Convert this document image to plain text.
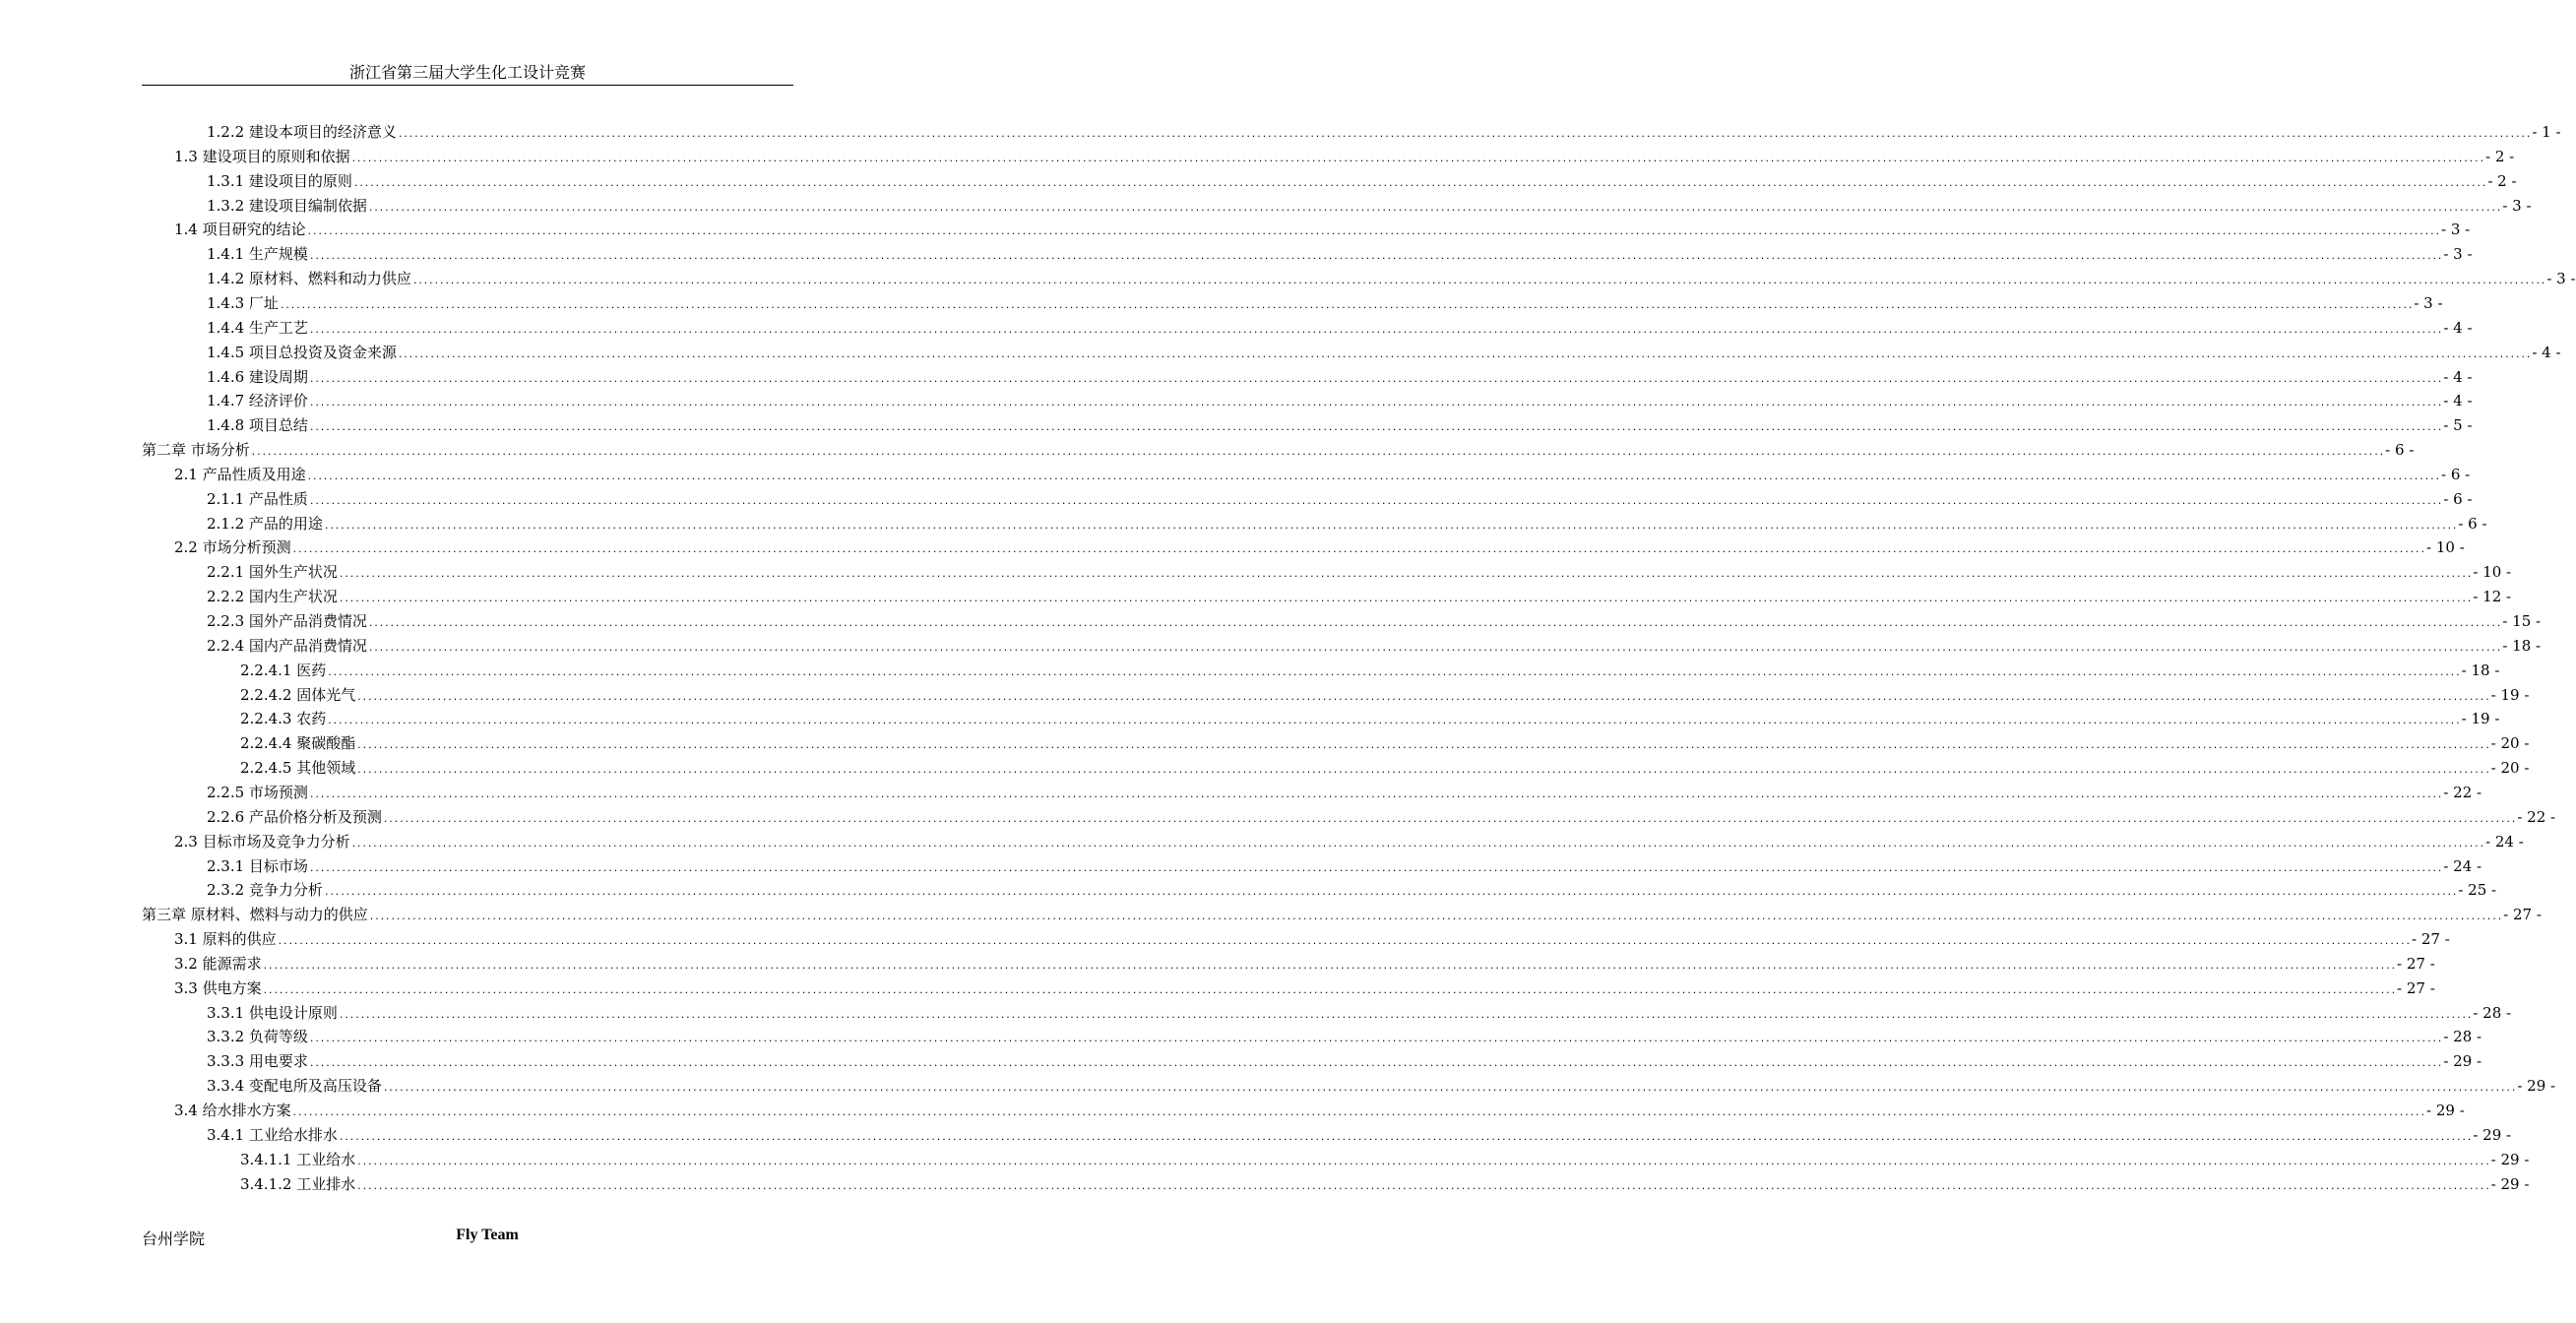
浙江省第三届大学生化工设计竞赛
1.2.2 建设本项目的经济意义 ................................................................................................................................................................................................................................................................................................................................................................................................................ - 1 -
1.3 建设项目的原则和依据 ................................................................................................................................................................................................................................................................................................................................................................................................................ - 2 -
1.3.1 建设项目的原则 ................................................................................................................................................................................................................................................................................................................................................................................................................ - 2 -
1.3.2 建设项目编制依据 ................................................................................................................................................................................................................................................................................................................................................................................................................ - 3 -
1.4 项目研究的结论 ................................................................................................................................................................................................................................................................................................................................................................................................................ - 3 -
1.4.1 生产规模 ................................................................................................................................................................................................................................................................................................................................................................................................................ - 3 -
1.4.2 原材料、燃料和动力供应 ................................................................................................................................................................................................................................................................................................................................................................................................................ - 3 -
1.4.3 厂址 ................................................................................................................................................................................................................................................................................................................................................................................................................ - 3 -
1.4.4 生产工艺 ................................................................................................................................................................................................................................................................................................................................................................................................................ - 4 -
1.4.5 项目总投资及资金来源 ................................................................................................................................................................................................................................................................................................................................................................................................................ - 4 -
1.4.6 建设周期 ................................................................................................................................................................................................................................................................................................................................................................................................................ - 4 -
1.4.7 经济评价 ................................................................................................................................................................................................................................................................................................................................................................................................................ - 4 -
1.4.8 项目总结 ................................................................................................................................................................................................................................................................................................................................................................................................................ - 5 -
第二章 市场分析 ................................................................................................................................................................................................................................................................................................................................................................................................................ - 6 -
2.1 产品性质及用途 ................................................................................................................................................................................................................................................................................................................................................................................................................ - 6 -
2.1.1 产品性质 ................................................................................................................................................................................................................................................................................................................................................................................................................ - 6 -
2.1.2 产品的用途 ................................................................................................................................................................................................................................................................................................................................................................................................................ - 6 -
2.2 市场分析预测 ................................................................................................................................................................................................................................................................................................................................................................................................................ - 10 -
2.2.1 国外生产状况 ................................................................................................................................................................................................................................................................................................................................................................................................................ - 10 -
2.2.2 国内生产状况 ................................................................................................................................................................................................................................................................................................................................................................................................................ - 12 -
2.2.3 国外产品消费情况 ................................................................................................................................................................................................................................................................................................................................................................................................................ - 15 -
2.2.4 国内产品消费情况 ................................................................................................................................................................................................................................................................................................................................................................................................................ - 18 -
2.2.4.1 医药 ................................................................................................................................................................................................................................................................................................................................................................................................................ - 18 -
2.2.4.2 固体光气 ................................................................................................................................................................................................................................................................................................................................................................................................................ - 19 -
2.2.4.3 农药 ................................................................................................................................................................................................................................................................................................................................................................................................................ - 19 -
2.2.4.4 聚碳酸酯 ................................................................................................................................................................................................................................................................................................................................................................................................................ - 20 -
2.2.4.5 其他领域 ................................................................................................................................................................................................................................................................................................................................................................................................................ - 20 -
2.2.5 市场预测 ................................................................................................................................................................................................................................................................................................................................................................................................................ - 22 -
2.2.6 产品价格分析及预测 ................................................................................................................................................................................................................................................................................................................................................................................................................ - 22 -
2.3 目标市场及竞争力分析 ................................................................................................................................................................................................................................................................................................................................................................................................................ - 24 -
2.3.1 目标市场 ................................................................................................................................................................................................................................................................................................................................................................................................................ - 24 -
2.3.2 竞争力分析 ................................................................................................................................................................................................................................................................................................................................................................................................................ - 25 -
第三章 原材料、燃料与动力的供应 ................................................................................................................................................................................................................................................................................................................................................................................................................ - 27 -
3.1 原料的供应 ................................................................................................................................................................................................................................................................................................................................................................................................................ - 27 -
3.2 能源需求 ................................................................................................................................................................................................................................................................................................................................................................................................................ - 27 -
3.3 供电方案 ................................................................................................................................................................................................................................................................................................................................................................................................................ - 27 -
3.3.1 供电设计原则 ................................................................................................................................................................................................................................................................................................................................................................................................................ - 28 -
3.3.2 负荷等级 ................................................................................................................................................................................................................................................................................................................................................................................................................ - 28 -
3.3.3 用电要求 ................................................................................................................................................................................................................................................................................................................................................................................................................ - 29 -
3.3.4 变配电所及高压设备 ................................................................................................................................................................................................................................................................................................................................................................................................................ - 29 -
3.4 给水排水方案 ................................................................................................................................................................................................................................................................................................................................................................................................................ - 29 -
3.4.1 工业给水排水 ................................................................................................................................................................................................................................................................................................................................................................................................................ - 29 -
3.4.1.1 工业给水 ................................................................................................................................................................................................................................................................................................................................................................................................................ - 29 -
3.4.1.2 工业排水 ................................................................................................................................................................................................................................................................................................................................................................................................................ - 29 -
台州学院	Fly Team
